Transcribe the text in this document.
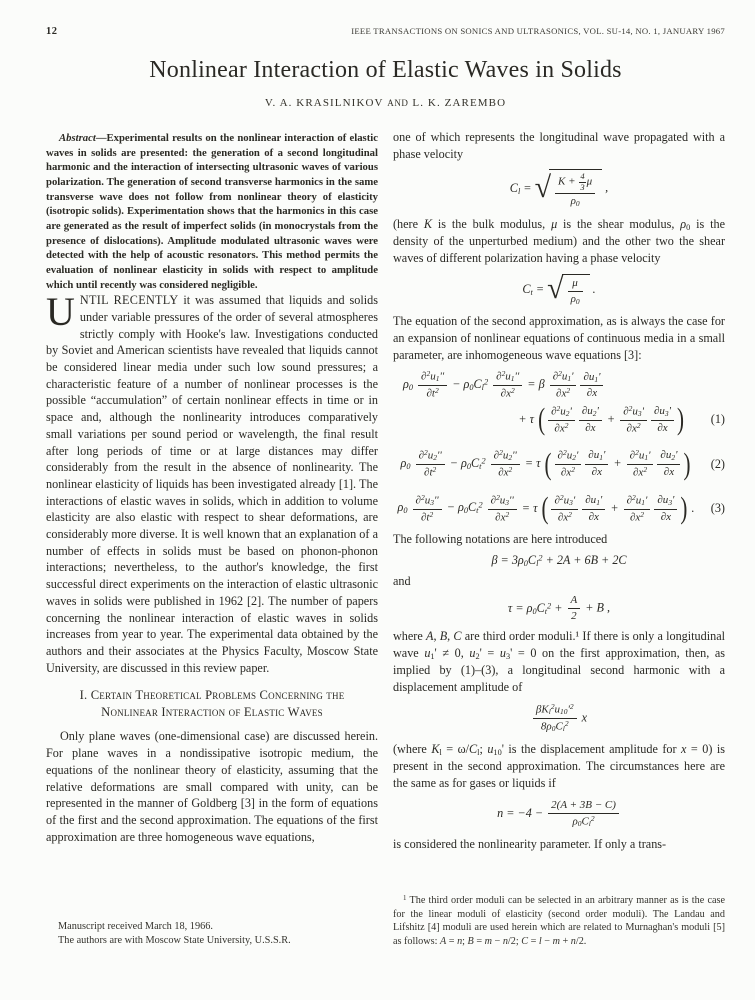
12	IEEE TRANSACTIONS ON SONICS AND ULTRASONICS, VOL. SU-14, NO. 1, JANUARY 1967
Nonlinear Interaction of Elastic Waves in Solids
V. A. KRASILNIKOV AND L. K. ZAREMBO

Abstract—Experimental results on the nonlinear interaction of elastic waves in solids are presented: the generation of a second longitudinal harmonic and the interaction of intersecting ultrasonic waves of various polarization. The generation of second transverse harmonics in the same transverse wave does not follow from nonlinear theory of elasticity (isotropic solids). Experimentation shows that the harmonics in this case are generated as the result of imperfect solids (in monocrystals from the presence of dislocations). Amplitude modulated ultrasonic waves were detected with the help of acoustic resonators. This method permits the evaluation of nonlinear elasticity in solids with respect to amplitude which until recently was considered negligible.

UNTIL RECENTLY it was assumed that liquids and solids under variable pressures of the order of several atmospheres strictly comply with Hooke's law. Investigations conducted by Soviet and American scientists have revealed that liquids cannot be considered linear media under such low sound pressures; a characteristic feature of a number of nonlinear processes is the possible “accumulation” of certain nonlinear effects in time or in space and, although the nonlinearity introduces comparatively small variations per sound period or wavelength, the final result after long periods of time or at large distances may differ considerably from the result in the absence of nonlinearity. The nonlinear elasticity of liquids has been investigated already [1]. The interactions of elastic waves in solids, which in addition to volume elasticity are also elastic with respect to shear deformations, are considerably more diverse. It is well known that an explanation of a number of effects in solids must be based on phonon-phonon interactions; nevertheless, to the author's knowledge, the first successful direct experiments on the interaction of elastic ultrasonic waves in solids were published in 1962 [2]. The number of papers concerning the nonlinear interaction of elastic waves in solids increases from year to year. The experimental data obtained by the authors and their associates at the Physics Faculty, Moscow State University, are discussed in this review paper.

I. Certain Theoretical Problems Concerning the Nonlinear Interaction of Elastic Waves

Only plane waves (one-dimensional case) are discussed herein. For plane waves in a nondissipative isotropic medium, the equations of the nonlinear theory of elasticity, assuming that the relative deformations are small compared with unity, can be represented in the manner of Goldberg [3] in the form of equations of the first and the second approximation. The equations of the first approximation are three homogeneous wave equations,

Manuscript received March 18, 1966.
The authors are with Moscow State University, U.S.S.R.

one of which represents the longitudinal wave propagated with a phase velocity

$C_l$ = √ $\frac{K + \frac{4}{3} \mu}{\rho_0}$ ,

(here K is the bulk modulus, μ is the shear modulus, $\rho_0$ is the density of the unperturbed medium) and the other two the shear waves of different polarization having a phase velocity

$C_t$ = √ $\frac{\mu}{\rho_0}$ .

The equation of the second approximation, as is always the case for an expansion of nonlinear equations of continuous media in a small parameter, are inhomogeneous wave equations [3]:

$\rho_0 \frac{\partial^2u_1''}{\partial t^2} - \rho_0C_l^2 \frac{\partial^2u_1''}{\partial x^2} = \beta \frac{\partial^2u_1'}{\partial x^2} \frac{\partial u_1'}{\partial x}$
+ τ ( $\frac{\partial^2u_2'}{\partial x^2} \frac{\partial u_2'}{\partial x} + \frac{\partial^2u_3'}{\partial x^2} \frac{\partial u_3'}{\partial x}$ )	(1)
$\rho_0 \frac{\partial^2u_2''}{\partial t^2} - \rho_0C_t^2 \frac{\partial^2u_2''}{\partial x^2} = \tau$ ( $\frac{\partial^2u_2'}{\partial x^2} \frac{\partial u_1'}{\partial x} + \frac{\partial^2u_1'}{\partial x^2} \frac{\partial u_2'}{\partial x}$ )	(2)
$\rho_0 \frac{\partial^2u_3''}{\partial t^2} - \rho_0C_t^2 \frac{\partial^2u_3''}{\partial x^2} = \tau$ ( $\frac{\partial^2u_3'}{\partial x^2} \frac{\partial u_1'}{\partial x} + \frac{\partial^2u_1'}{\partial x^2} \frac{\partial u_3'}{\partial x}$ ) .	(3)

The following notations are here introduced

$\beta = 3\rho_0C_l^2 + 2A + 6B + 2C$

and

$\tau = \rho_0C_t^2 + \frac{A}{2} + B$ ,

where A, B, C are third order moduli.¹ If there is only a longitudinal wave $u_1' \ne 0$, $u_2' = u_3' = 0$ on the first approximation, then, as implied by (1)–(3), a longitudinal second harmonic with a displacement amplitude of

$\frac{\beta K_l^2u_{10}'^2}{8\rho_0C_l^2}$ x

(where $K_l = \omega/C_l$; $u_{10}'$ is the displacement amplitude for x = 0) is present in the second approximation. The circumstances here are the same as for gases or liquids if

$n = -4 - \frac{2(A + 3B - C)}{\rho_0C_l^2}$

is considered the nonlinearity parameter. If only a trans-

$^1$ The third order moduli can be selected in an arbitrary manner as is the case for the linear moduli of elasticity (second order moduli). The Landau and Lifshitz [4] moduli are used herein which are related to Murnaghan's moduli [5] as follows: A = n; B = m − n/2; C = l − m + n/2.
